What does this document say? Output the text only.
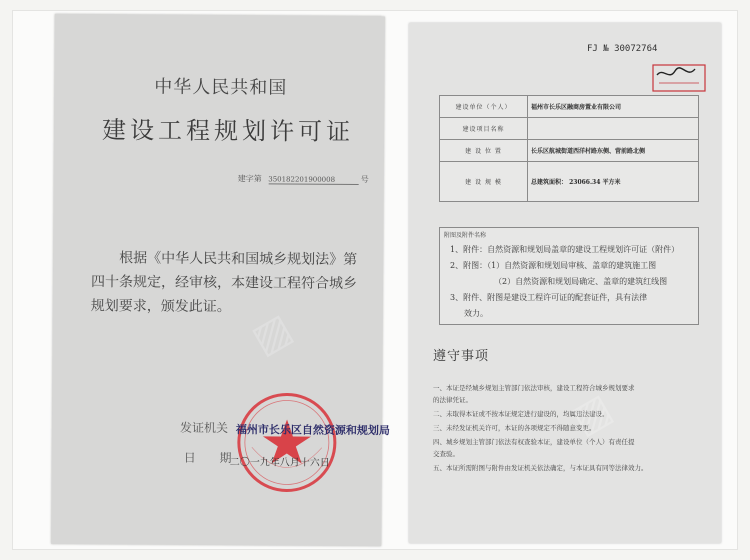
中华人民共和国
建设工程规划许可证
建字第 350182201900008	号
根据《中华人民共和国城乡规划法》第四十条规定，经审核，本建设工程符合城乡规划要求，颁发此证。
发证机关 福州市长乐区自然资源和规划局
日 期
二〇一九年八月十六日
FJ № 30072764
建设单位（个人）	福州市长乐区融商房置业有限公司
建设项目名称	
建 设 位 置	长乐区航城街道西洋村路东侧、营前路北侧
建 设 规 模	总建筑面积： 23066.34 平方米
附图及附件名称
1、附件：自然资源和规划局盖章的建设工程规划许可证（附件）
2、附图：（1）自然资源和规划局审核、盖章的建筑施工图
（2）自然资源和规划局确定、盖章的建筑红线图
3、附件、附图是建设工程许可证的配套证件，具有法律
效力。
遵守事项
一、本证是经城乡规划主管部门依法审核，建设工程符合城乡规划要求
的法律凭证。
二、未取得本证或不按本证规定进行建设的，均属违法建设。
三、未经发证机关许可，本证的各项规定不得随意变更。
四、城乡规划主管部门依法有权查验本证，建设单位（个人）有责任提
交查验。
五、本证所需附图与附件由发证机关依法确定，与本证具有同等法律效力。
▨
▨
